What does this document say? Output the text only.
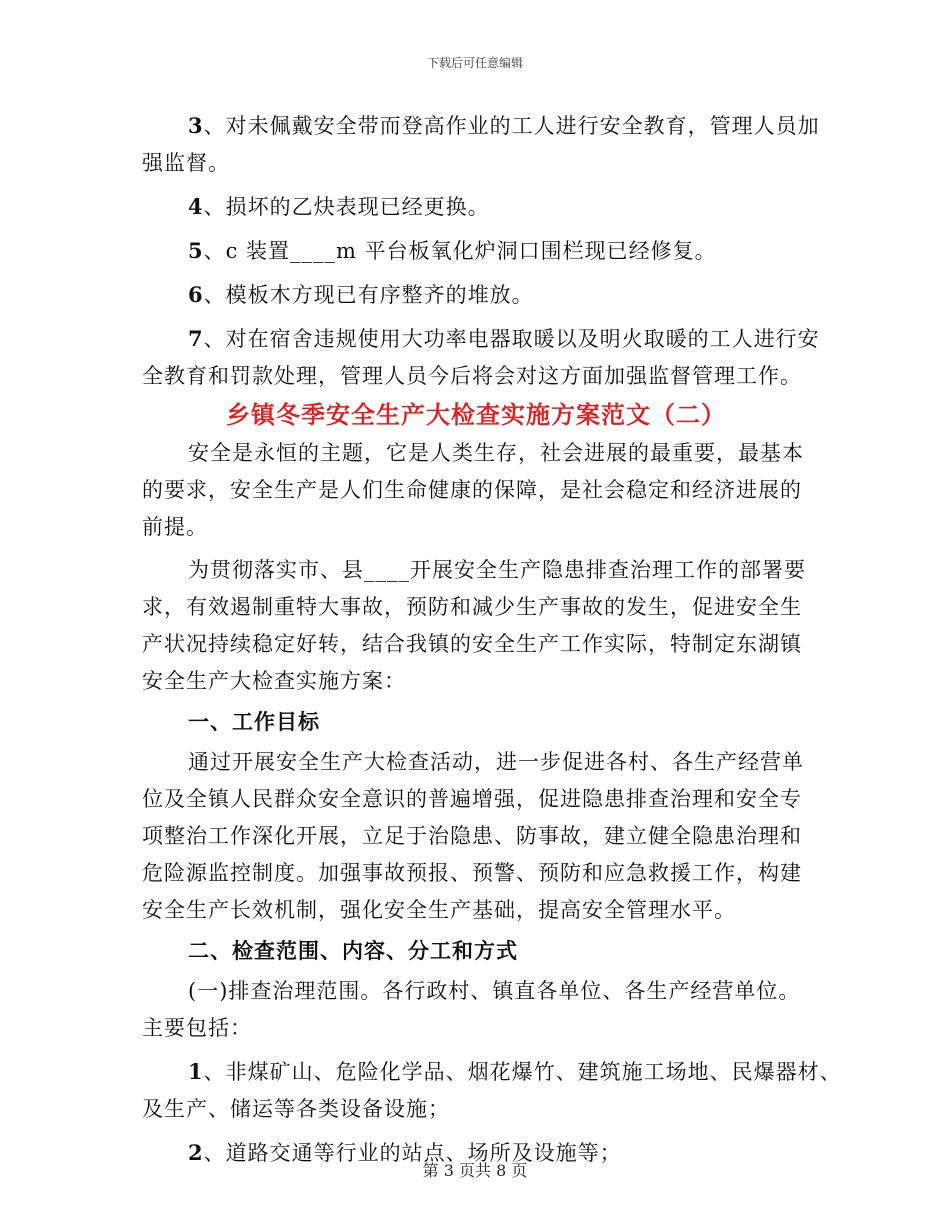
下载后可任意编辑

3、对未佩戴安全带而登高作业的工人进行安全教育，管理人员加

强监督。

4、损坏的乙炔表现已经更换。

5、c 装置____m 平台板氧化炉洞口围栏现已经修复。

6、模板木方现已有序整齐的堆放。

7、对在宿舍违规使用大功率电器取暖以及明火取暖的工人进行安

全教育和罚款处理，管理人员今后将会对这方面加强监督管理工作。

乡镇冬季安全生产大检查实施方案范文（二）

安全是永恒的主题，它是人类生存，社会进展的最重要，最基本

的要求，安全生产是人们生命健康的保障，是社会稳定和经济进展的

前提。

为贯彻落实市、县____开展安全生产隐患排查治理工作的部署要

求，有效遏制重特大事故，预防和减少生产事故的发生，促进安全生

产状况持续稳定好转，结合我镇的安全生产工作实际，特制定东湖镇

安全生产大检查实施方案：

一、工作目标

通过开展安全生产大检查活动，进一步促进各村、各生产经营单

位及全镇人民群众安全意识的普遍增强，促进隐患排查治理和安全专

项整治工作深化开展，立足于治隐患、防事故，建立健全隐患治理和

危险源监控制度。加强事故预报、预警、预防和应急救援工作，构建

安全生产长效机制，强化安全生产基础，提高安全管理水平。

二、检查范围、内容、分工和方式

(一)排查治理范围。各行政村、镇直各单位、各生产经营单位。

主要包括：

1、非煤矿山、危险化学品、烟花爆竹、建筑施工场地、民爆器材、

及生产、储运等各类设备设施；

2、道路交通等行业的站点、场所及设施等；

第 3 页共 8 页
